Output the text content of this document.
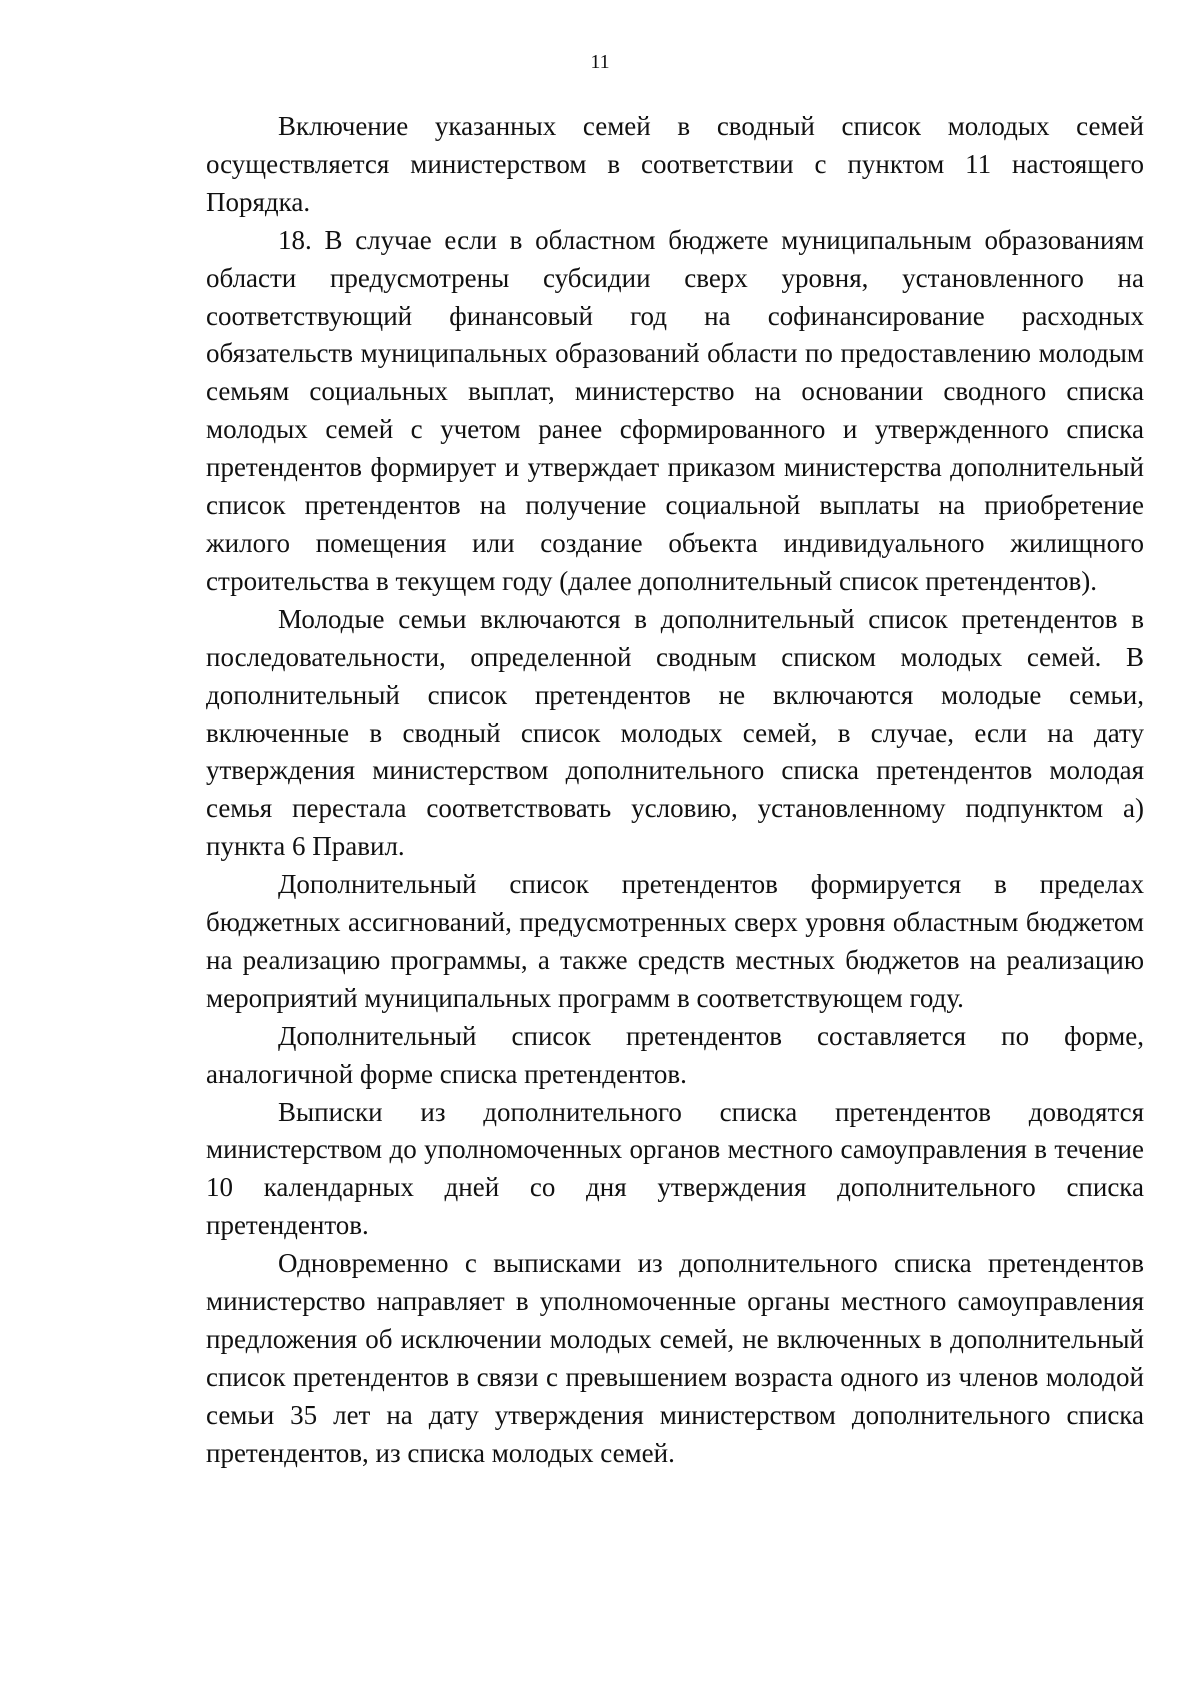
11

Включение указанных семей в сводный список молодых семей осуществляется министерством в соответствии с пунктом 11 настоящего Порядка.

18. В случае если в областном бюджете муниципальным образованиям области предусмотрены субсидии сверх уровня, установленного на соответствующий финансовый год на софинансирование расходных обязательств муниципальных образований области по предоставлению молодым семьям социальных выплат, министерство на основании сводного списка молодых семей с учетом ранее сформированного и утвержденного списка претендентов формирует и утверждает приказом министерства дополнительный список претендентов на получение социальной выплаты на приобретение жилого помещения или создание объекта индивидуального жилищного строительства в текущем году (далее дополнительный список претендентов).

Молодые семьи включаются в дополнительный список претендентов в последовательности, определенной сводным списком молодых семей. В дополнительный список претендентов не включаются молодые семьи, включенные в сводный список молодых семей, в случае, если на дату утверждения министерством дополнительного списка претендентов молодая семья перестала соответствовать условию, установленному подпунктом а) пункта 6 Правил.

Дополнительный список претендентов формируется в пределах бюджетных ассигнований, предусмотренных сверх уровня областным бюджетом на реализацию программы, а также средств местных бюджетов на реализацию мероприятий муниципальных программ в соответствующем году.

Дополнительный список претендентов составляется по форме, аналогичной форме списка претендентов.

Выписки из дополнительного списка претендентов доводятся министерством до уполномоченных органов местного самоуправления в течение 10 календарных дней со дня утверждения дополнительного списка претендентов.

Одновременно с выписками из дополнительного списка претендентов министерство направляет в уполномоченные органы местного самоуправления предложения об исключении молодых семей, не включенных в дополнительный список претендентов в связи с превышением возраста одного из членов молодой семьи 35 лет на дату утверждения министерством дополнительного списка претендентов, из списка молодых семей.
